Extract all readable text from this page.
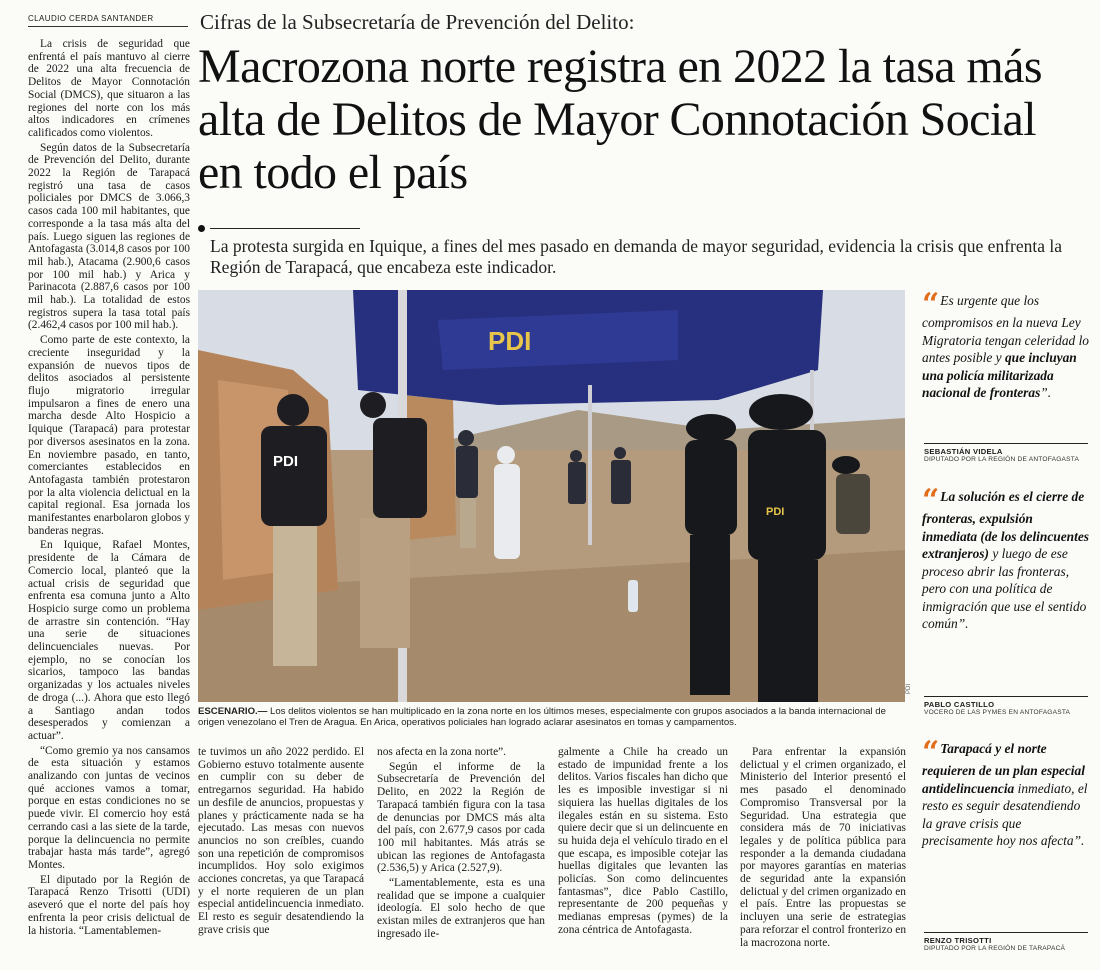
CLAUDIO CERDA SANTANDER

La crisis de seguridad que enfrentá el país mantuvo al cierre de 2022 una alta frecuencia de Delitos de Mayor Connotación Social (DMCS), que situaron a las regiones del norte con los más altos indicadores en crímenes calificados como violentos.

Según datos de la Subsecretaría de Prevención del Delito, durante 2022 la Región de Tarapacá registró una tasa de casos policiales por DMCS de 3.066,3 casos cada 100 mil habitantes, que corresponde a la tasa más alta del país. Luego siguen las regiones de Antofagasta (3.014,8 casos por 100 mil hab.), Atacama (2.900,6 casos por 100 mil hab.) y Arica y Parinacota (2.887,6 casos por 100 mil hab.). La totalidad de estos registros supera la tasa total país (2.462,4 casos por 100 mil hab.).

Como parte de este contexto, la creciente inseguridad y la expansión de nuevos tipos de delitos asociados al persistente flujo migratorio irregular impulsaron a fines de enero una marcha desde Alto Hospicio a Iquique (Tarapacá) para protestar por diversos asesinatos en la zona. En noviembre pasado, en tanto, comerciantes establecidos en Antofagasta también protestaron por la alta violencia delictual en la capital regional. Esa jornada los manifestantes enarbolaron globos y banderas negras.

En Iquique, Rafael Montes, presidente de la Cámara de Comercio local, planteó que la actual crisis de seguridad que enfrenta esa comuna junto a Alto Hospicio surge como un problema de arrastre sin contención. “Hay una serie de situaciones delincuenciales nuevas. Por ejemplo, no se conocían los sicarios, tampoco las bandas organizadas y los actuales niveles de droga (...). Ahora que esto llegó a Santiago andan todos desesperados y comienzan a actuar”.

“Como gremio ya nos cansamos de esta situación y estamos analizando con juntas de vecinos qué acciones vamos a tomar, porque en estas condiciones no se puede vivir. El comercio hoy está cerrando casi a las siete de la tarde, porque la delincuencia no permite trabajar hasta más tarde”, agregó Montes.

El diputado por la Región de Tarapacá Renzo Trisotti (UDI) aseveró que el norte del país hoy enfrenta la peor crisis delictual de la historia. “Lamentablemen-

Cifras de la Subsecretaría de Prevención del Delito:
Macrozona norte registra en 2022 la tasa más alta de Delitos de Mayor Connotación Social en todo el país
La protesta surgida en Iquique, a fines del mes pasado en demanda de mayor seguridad, evidencia la crisis que enfrenta la Región de Tarapacá, que encabeza este indicador.
PDI
PDI
PDI
PDI
ESCENARIO.— Los delitos violentos se han multiplicado en la zona norte en los últimos meses, especialmente con grupos asociados a la banda internacional de origen venezolano el Tren de Aragua. En Arica, operativos policiales han logrado aclarar asesinatos en tomas y campamentos.

te tuvimos un año 2022 perdido. El Gobierno estuvo totalmente ausente en cumplir con su deber de entregarnos seguridad. Ha habido un desfile de anuncios, propuestas y planes y prácticamente nada se ha ejecutado. Las mesas con nuevos anuncios no son creíbles, cuando son una repetición de compromisos incumplidos. Hoy solo exigimos acciones concretas, ya que Tarapacá y el norte requieren de un plan especial antidelincuencia inmediato. El resto es seguir desatendiendo la grave crisis que

nos afecta en la zona norte”.

Según el informe de la Subsecretaría de Prevención del Delito, en 2022 la Región de Tarapacá también figura con la tasa de denuncias por DMCS más alta del país, con 2.677,9 casos por cada 100 mil habitantes. Más atrás se ubican las regiones de Antofagasta (2.536,5) y Arica (2.527,9).

“Lamentablemente, esta es una realidad que se impone a cualquier ideología. El solo hecho de que existan miles de extranjeros que han ingresado ile-

galmente a Chile ha creado un estado de impunidad frente a los delitos. Varios fiscales han dicho que les es imposible investigar si ni siquiera las huellas digitales de los ilegales están en su sistema. Esto quiere decir que si un delincuente en su huida deja el vehículo tirado en el que escapa, es imposible cotejar las huellas digitales que levanten las policías. Son como delincuentes fantasmas”, dice Pablo Castillo, representante de 200 pequeñas y medianas empresas (pymes) de la zona céntrica de Antofagasta.

Para enfrentar la expansión delictual y el crimen organizado, el Ministerio del Interior presentó el mes pasado el denominado Compromiso Transversal por la Seguridad. Una estrategia que considera más de 70 iniciativas legales y de política pública para responder a la demanda ciudadana por mayores garantías en materias de seguridad ante la expansión delictual y del crimen organizado en el país. Entre las propuestas se incluyen una serie de estrategias para reforzar el control fronterizo en la macrozona norte.

“ Es urgente que los compromisos en la nueva Ley Migratoria tengan celeridad lo antes posible y que incluyan una policía militarizada nacional de fronteras”.
SEBASTIÁN VIDELA
DIPUTADO POR LA REGIÓN DE ANTOFAGASTA
“ La solución es el cierre de fronteras, expulsión inmediata (de los delincuentes extranjeros) y luego de ese proceso abrir las fronteras, pero con una política de inmigración que use el sentido común”.
PABLO CASTILLO
VOCERO DE LAS PYMES EN ANTOFAGASTA
“ Tarapacá y el norte requieren de un plan especial antidelincuencia inmediato, el resto es seguir desatendiendo la grave crisis que precisamente hoy nos afecta”.
RENZO TRISOTTI
DIPUTADO POR LA REGIÓN DE TARAPACÁ
